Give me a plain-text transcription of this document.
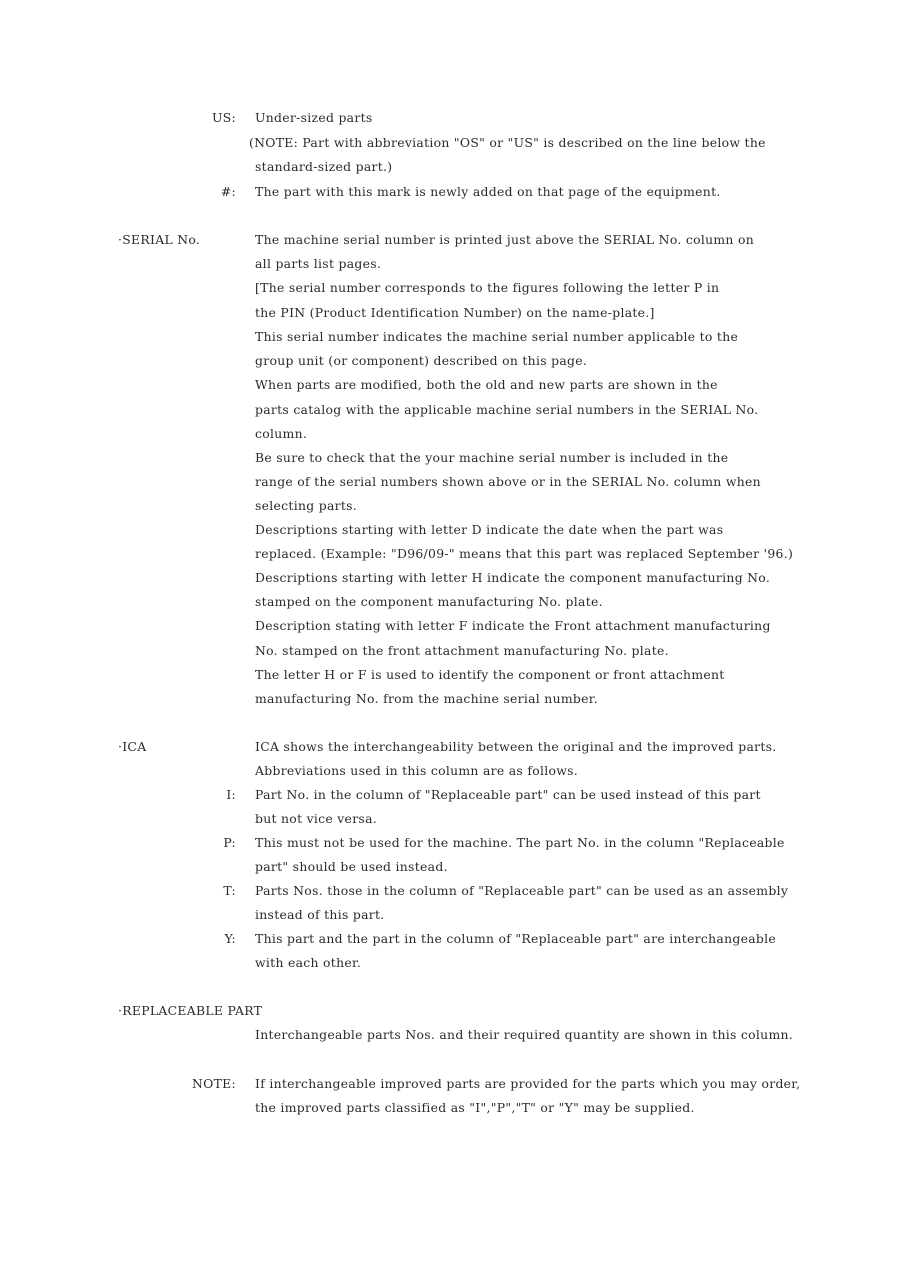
US: Under-sized parts
(NOTE: Part with abbreviation "OS" or "US" is described on the line below the
standard-sized part.)
#: The part with this mark is newly added on that page of the equipment.
·SERIAL No.	The machine serial number is printed just above the SERIAL No. column on
all parts list pages.
[The serial number corresponds to the figures following the letter P in
the PIN (Product Identification Number) on the name-plate.]
This serial number indicates the machine serial number applicable to the
group unit (or component) described on this page.
When parts are modified, both the old and new parts are shown in the
parts catalog with the applicable machine serial numbers in the SERIAL No.
column.
Be sure to check that the your machine serial number is included in the
range of the serial numbers shown above or in the SERIAL No. column when
selecting parts.
Descriptions starting with letter D indicate the date when the part was
replaced. (Example: "D96/09-" means that this part was replaced September '96.)
Descriptions starting with letter H indicate the component manufacturing No.
stamped on the component manufacturing No. plate.
Description stating with letter F indicate the Front attachment manufacturing
No. stamped on the front attachment manufacturing No. plate.
The letter H or F is used to identify the component or front attachment
manufacturing No. from the machine serial number.
·ICA	ICA shows the interchangeability between the original and the improved parts.
Abbreviations used in this column are as follows.
I: Part No. in the column of "Replaceable part" can be used instead of this part
but not vice versa.
P: This must not be used for the machine. The part No. in the column "Replaceable
part" should be used instead.
T: Parts Nos. those in the column of "Replaceable part" can be used as an assembly
instead of this part.
Y: This part and the part in the column of "Replaceable part" are interchangeable
with each other.
·REPLACEABLE PART
Interchangeable parts Nos. and their required quantity are shown in this column.
NOTE: If interchangeable improved parts are provided for the parts which you may order,
the improved parts classified as "I","P","T" or "Y" may be supplied.
